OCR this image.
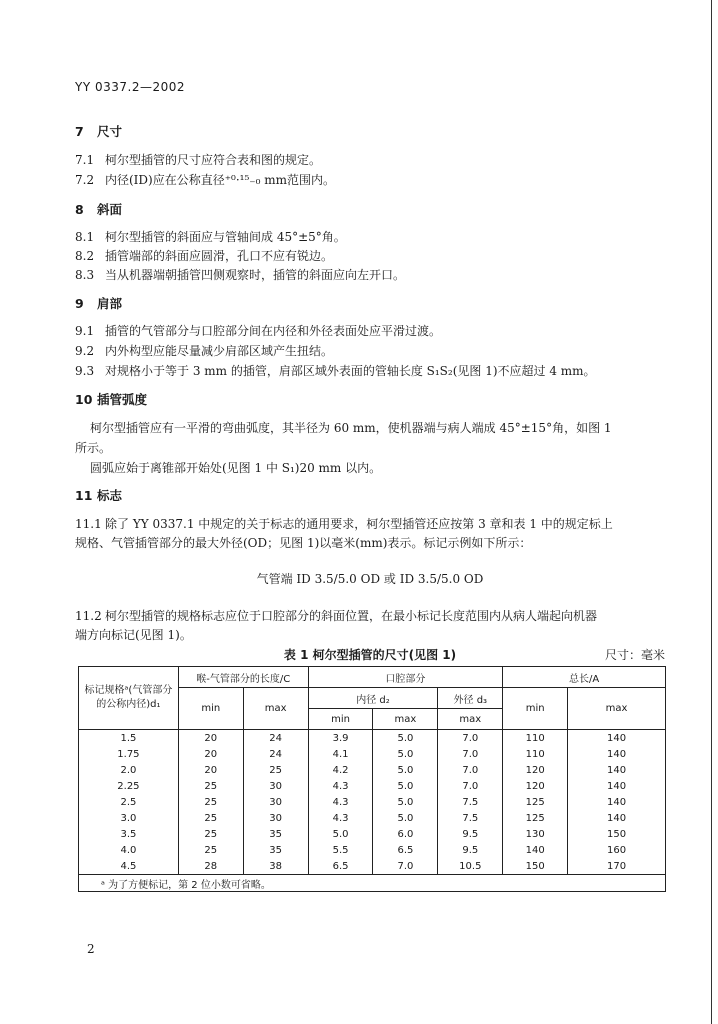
YY 0337.2—2002
7 尺寸
7.1 柯尔型插管的尺寸应符合表和图的规定。
7.2 内径(ID)应在公称直径⁺⁰·¹⁵₋₀ mm范围内。
8 斜面
8.1 柯尔型插管的斜面应与管轴间成 45°±5°角。
8.2 插管端部的斜面应圆滑，孔口不应有锐边。
8.3 当从机器端朝插管凹侧观察时，插管的斜面应向左开口。
9 肩部
9.1 插管的气管部分与口腔部分间在内径和外径表面处应平滑过渡。
9.2 内外构型应能尽量减少肩部区域产生扭结。
9.3 对规格小于等于 3 mm 的插管，肩部区域外表面的管轴长度 S₁S₂(见图 1)不应超过 4 mm。
10 插管弧度
柯尔型插管应有一平滑的弯曲弧度，其半径为 60 mm，使机器端与病人端成 45°±15°角，如图 1
所示。
圆弧应始于离锥部开始处(见图 1 中 S₁)20 mm 以内。
11 标志
11.1 除了 YY 0337.1 中规定的关于标志的通用要求，柯尔型插管还应按第 3 章和表 1 中的规定标上
规格、气管插管部分的最大外径(OD；见图 1)以毫米(mm)表示。标记示例如下所示：
气管端 ID 3.5/5.0 OD 或 ID 3.5/5.0 OD
11.2 柯尔型插管的规格标志应位于口腔部分的斜面位置，在最小标记长度范围内从病人端起向机器
端方向标记(见图 1)。
表 1 柯尔型插管的尺寸(见图 1)	尺寸：毫米
标记规格ᵃ(气管部分的公称内径)d₁	喉-气管部分的长度/C		口腔部分			总长/A	
	min	max	内径 d₂		外径 d₃	min	max
			min	max	max		
1.5	20	24	3.9	5.0	7.0	110	140
1.75	20	24	4.1	5.0	7.0	110	140
2.0	20	25	4.2	5.0	7.0	120	140
2.25	25	30	4.3	5.0	7.0	120	140
2.5	25	30	4.3	5.0	7.5	125	140
3.0	25	30	4.3	5.0	7.5	125	140
3.5	25	35	5.0	6.0	9.5	130	150
4.0	25	35	5.5	6.5	9.5	140	160
4.5	28	38	6.5	7.0	10.5	150	170
ᵃ 为了方便标记，第 2 位小数可省略。							
2
